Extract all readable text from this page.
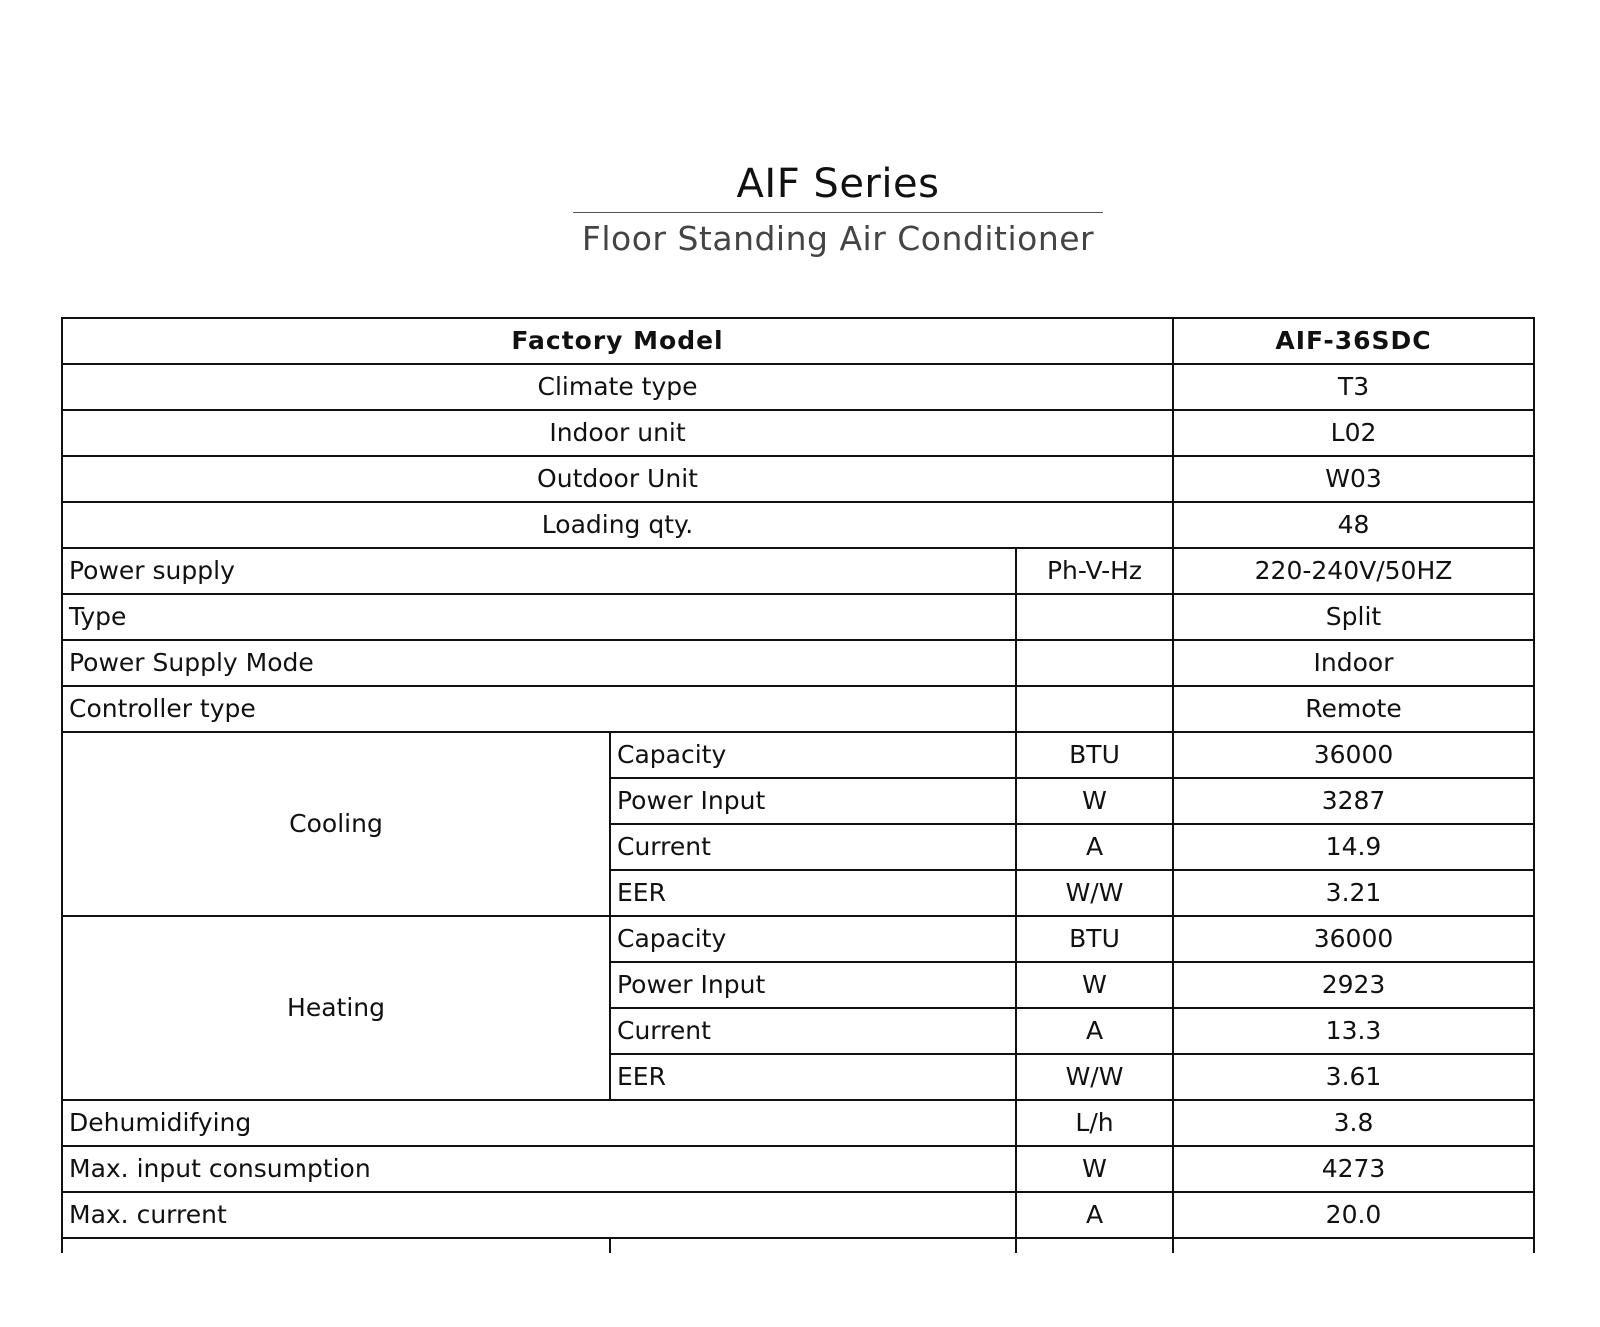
AIF Series
Floor Standing Air Conditioner
Factory Model			AIF-36SDC
Climate type			T3
Indoor unit			L02
Outdoor Unit			W03
Loading qty.			48
Power supply		Ph-V-Hz	220-240V/50HZ
Type			Split
Power Supply Mode			Indoor
Controller type			Remote
Cooling	Capacity	BTU	36000
	Power Input	W	3287
	Current	A	14.9
	EER	W/W	3.21
Heating	Capacity	BTU	36000
	Power Input	W	2923
	Current	A	13.3
	EER	W/W	3.61
Dehumidifying		L/h	3.8
Max. input consumption		W	4273
Max. current		A	20.0
